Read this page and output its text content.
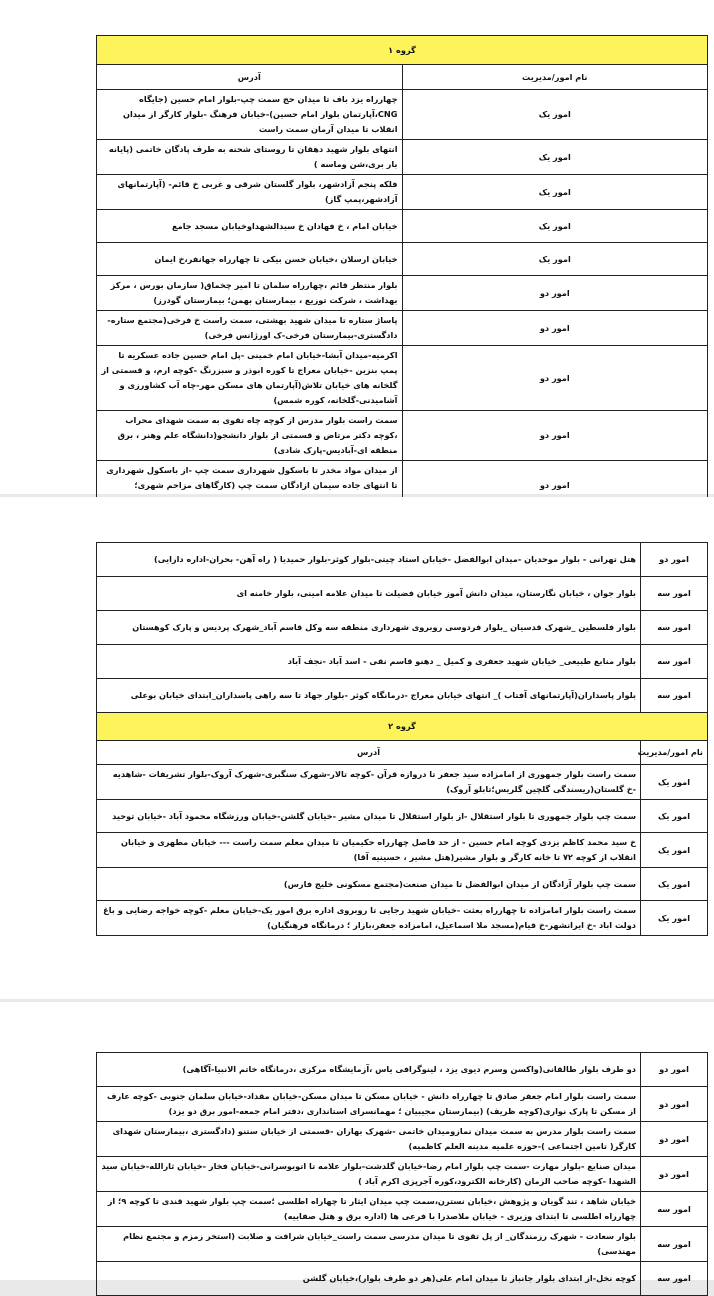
گروه ۱	
نام امور/مدیریت	آدرس
امور یک	چهارراه یزد باف تا میدان حج سمت چپ-بلوار امام حسین (جایگاه CNG،آپارتمان بلوار امام حسین)-خیابان فرهنگ -بلوار کارگر از میدان انقلاب تا میدان آرمان سمت راست
امور یک	انتهای بلوار شهید دهقان تا روستای شحنه به طرف پادگان خاتمی (پایانه بار بری،شن وماسه )
امور یک	فلکه پنجم آزادشهر، بلوار گلستان شرقی و غربی خ قائم- (آپارتمانهای آزادشهر،پمپ گاز)
امور یک	خیابان امام ، خ فهادان خ سیدالشهداوخیابان مسجد جامع
امور یک	خیابان ارسلان ،خیابان حسن بیکی تا چهارراه جهانفر،خ ایمان
امور دو	بلوار منتظر قائم ،چهارراه سلمان تا امیر چخماق( سازمان بورس ، مرکز بهداشت ، شرکت توزیع ، بیمارستان بهمن؛ بیمارستان گودرز)
امور دو	پاساژ ستاره تا میدان شهید بهشتی، سمت راست خ فرخی(مجتمع ستاره-دادگستری-بیمارستان فرخی-ک اورژانس فرخی)
امور دو	اکرمیه-میدان آبشا-خیابان امام خمینی -پل امام حسین جاده عسکریه تا پمپ بنزین -خیابان معراج تا کوره ابوذر و سبزرنگ -کوچه ارم، و قسمتی از گلخانه های خیابان تلاش(آپارتمان های مسکن مهر-چاه آب کشاورزی و آشامیدنی-گلخانه، کوره شمس)
امور دو	سمت راست بلوار مدرس از کوچه چاه تقوی به سمت شهدای محراب ،کوچه دکتر مرتاض و قسمتی از بلوار دانشجو(دانشگاه علم وهنر ، برق منطقه ای-آبادیس-پارک شادی)
امور دو	از میدان مواد مخدر تا باسکول شهرداری سمت چپ -از باسکول شهرداری تا انتهای جاده سیمان ازادگان سمت چپ (کارگاهای مزاحم شهری؛
امور دو	هتل تهرانی - بلوار موحدیان -میدان ابوالفضل -خیابان استاد چیتی-بلوار کوثر-بلوار حمیدیا ( راه آهن- بحران-اداره دارایی)
امور سه	بلوار جوان ، خیابان نگارستان، میدان دانش آموز خیابان فضیلت تا میدان علامه امینی، بلوار خامنه ای
امور سه	بلوار فلسطین _شهرک قدسیان _بلوار فردوسی روبروی شهرداری منطقه سه وکل قاسم آباد_شهرک پردیس و پارک کوهستان
امور سه	بلوار منابع طبیعی_ خیابان شهید جعفری و کمیل _ دهنو قاسم نقی - اسد آباد -نجف آباد
امور سه	بلوار پاسداران(آپارتمانهای آفتاب )_ انتهای خیابان معراج -درمانگاه کوثر -بلوار جهاد تا سه راهی پاسداران_ابتدای خیابان بوعلی
گروه ۲	
نام امور/مدیریت	آدرس
امور یک	سمت راست بلوار جمهوری از امامزاده سید جعفر تا دروازه قرآن -کوچه تالار-شهرک سنگبری-شهرک آروک-بلوار تشریفات -شاهدیه -خ گلستان(ریسندگی گلچین گلریس؛تابلو آروک)
امور یک	سمت چپ بلوار جمهوری تا بلوار استقلال -از بلوار استقلال تا میدان مشیر -خیابان گلشن-خیابان ورزشگاه محمود آباد -خیابان توحید
امور یک	خ سید محمد کاظم یزدی کوچه امام حسین - از حد فاصل چهارراه حکیمیان تا میدان معلم سمت راست --- خیابان مطهری و خیابان انقلاب از کوچه ۷۲ تا خانه کارگر و بلوار مشیر(هتل مشیر ، حسینیه آقا)
امور یک	سمت چپ بلوار آزادگان از میدان ابوالفضل تا میدان صنعت(مجتمع مسکونی خلیج فارس)
امور یک	سمت راست بلوار امامزاده تا چهارراه بعثت -خیابان شهید رجایی تا روبروی اداره برق امور یک-خیابان معلم -کوچه خواجه رضایی و باغ دولت اباد -خ ایرانشهر-خ قیام(مسجد ملا اسماعیل، امامزاده جعفر،بازار ؛ درمانگاه فرهنگیان)
امور دو	دو طرف بلوار طالقانی(واکسن وسرم دیوی یزد ، لینوگرافی یاس ،آزمایشگاه مرکزی ،درمانگاه خاتم الانبیا-آگاهی)
امور دو	سمت راست بلوار امام جعفر صادق تا چهارراه دانش - خیابان مسکن تا میدان مسکن-خیابان مقداد-خیابان سلمان جنوبی -کوچه عارف از مسکن تا پارک نواری(کوچه ظریف) (بیمارستان مجیبیان ؛ مهمانسرای استانداری ،دفتر امام جمعه-امور برق دو یزد)
امور دو	سمت راست بلوار مدرس به سمت میدان نمازومیدان خاتمی -شهرک بهاران -قسمتی از خیابان ستنو (دادگستری ،بیمارستان شهدای کارگر( تامین اجتماعی )-حوزه علمیه مدینه العلم کاظمیه)
امور دو	میدان صنایع -بلوار مهارت -سمت چپ بلوار امام رضا-خیابان گلدشت-بلوار علامه تا اتوبوسرانی-خیابان فخار -خیابان ثارالله-خیابان سید الشهدا -کوچه صاحب الزمان (کارخانه الکترود،کوره آجرپزی اکرم آباد )
امور سه	خیابان شاهد ، تند گویان و پژوهش ،خیابان نسترن،سمت چپ میدان ایثار تا چهاراه اطلسی ؛سمت چپ بلوار شهید قندی تا کوچه ۹؛ از چهارراه اطلسی تا ابتدای وزیری - خیابان ملاصدرا با فرعی ها (اداره برق و هتل صفاییه)
امور سه	بلوار سعادت - شهرک رزمندگان_ از پل تقوی تا میدان مدرسی سمت راست_خیابان شرافت و صلابت (استخر زمزم و مجتمع نظام مهندسی)
امور سه	کوچه نخل-از ابتدای بلوار جانباز تا میدان امام علی(هر دو طرف بلوار)،خیابان گلشن
